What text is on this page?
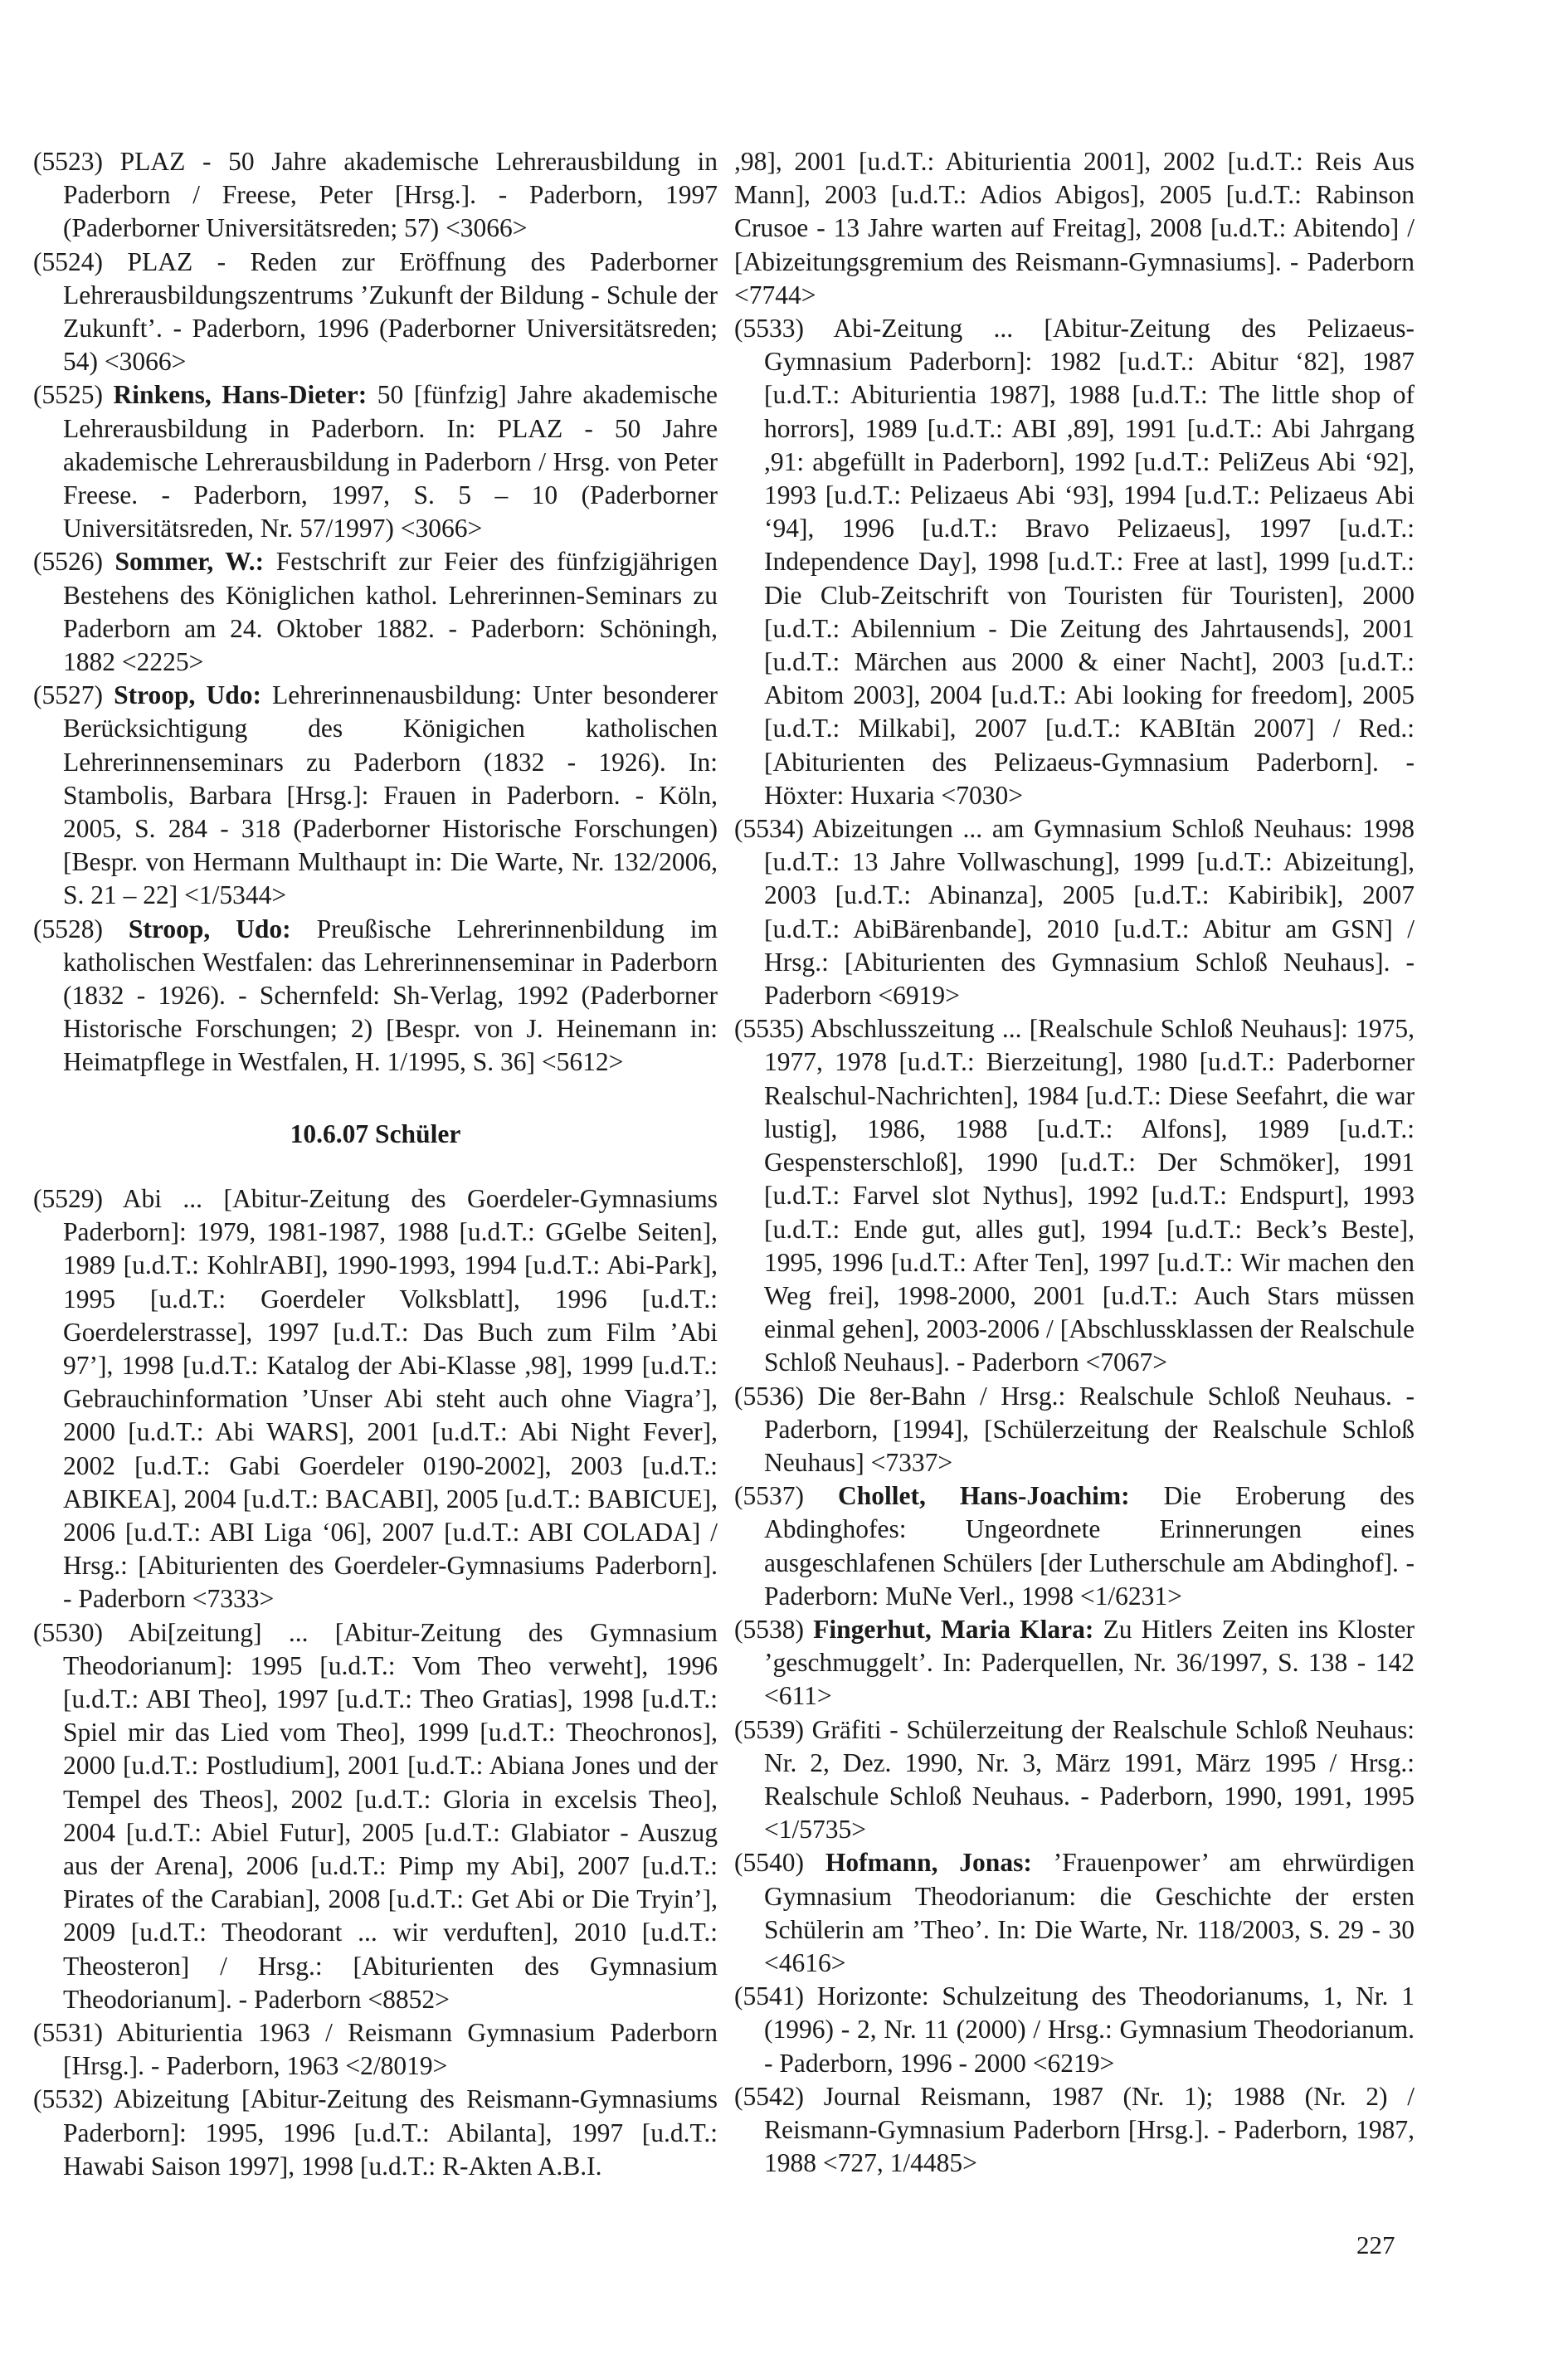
(5523) PLAZ - 50 Jahre akademische Lehrerausbildung in Paderborn / Freese, Peter [Hrsg.]. - Paderborn, 1997 (Paderborner Universitätsreden; 57) <3066>

(5524) PLAZ - Reden zur Eröffnung des Paderborner Lehrerausbildungszentrums ’Zukunft der Bildung - Schule der Zukunft’. - Paderborn, 1996 (Paderborner Universitätsreden; 54) <3066>

(5525) Rinkens, Hans-Dieter: 50 [fünfzig] Jahre akademische Lehrerausbildung in Paderborn. In: PLAZ - 50 Jahre akademische Lehrerausbildung in Paderborn / Hrsg. von Peter Freese. - Paderborn, 1997, S. 5 – 10 (Paderborner Universitätsreden, Nr. 57/1997) <3066>

(5526) Sommer, W.: Festschrift zur Feier des fünfzigjährigen Bestehens des Königlichen kathol. Lehrerinnen-Seminars zu Paderborn am 24. Oktober 1882. - Paderborn: Schöningh, 1882 <2225>

(5527) Stroop, Udo: Lehrerinnenausbildung: Unter besonderer Berücksichtigung des Königichen katholischen Lehrerinnenseminars zu Paderborn (1832 - 1926). In: Stambolis, Barbara [Hrsg.]: Frauen in Paderborn. - Köln, 2005, S. 284 - 318 (Paderborner Historische Forschungen) [Bespr. von Hermann Multhaupt in: Die Warte, Nr. 132/2006, S. 21 – 22] <1/5344>

(5528) Stroop, Udo: Preußische Lehrerinnenbildung im katholischen Westfalen: das Lehrerinnenseminar in Paderborn (1832 - 1926). - Schernfeld: Sh-Verlag, 1992 (Paderborner Historische Forschungen; 2) [Bespr. von J. Heinemann in: Heimatpflege in Westfalen, H. 1/1995, S. 36] <5612>

10.6.07 Schüler

(5529) Abi ... [Abitur-Zeitung des Goerdeler-Gymnasiums Paderborn]: 1979, 1981-1987, 1988 [u.d.T.: GGelbe Seiten], 1989 [u.d.T.: KohlrABI], 1990-1993, 1994 [u.d.T.: Abi-Park], 1995 [u.d.T.: Goerdeler Volksblatt], 1996 [u.d.T.: Goerdelerstrasse], 1997 [u.d.T.: Das Buch zum Film ’Abi 97’], 1998 [u.d.T.: Katalog der Abi-Klasse ,98], 1999 [u.d.T.: Gebrauchinformation ’Unser Abi steht auch ohne Viagra’], 2000 [u.d.T.: Abi WARS], 2001 [u.d.T.: Abi Night Fever], 2002 [u.d.T.: Gabi Goerdeler 0190-2002], 2003 [u.d.T.: ABIKEA], 2004 [u.d.T.: BACABI], 2005 [u.d.T.: BABICUE], 2006 [u.d.T.: ABI Liga ‘06], 2007 [u.d.T.: ABI COLADA] / Hrsg.: [Abiturienten des Goerdeler-Gymnasiums Paderborn]. - Paderborn <7333>

(5530) Abi[zeitung] ... [Abitur-Zeitung des Gymnasium Theodorianum]: 1995 [u.d.T.: Vom Theo verweht], 1996 [u.d.T.: ABI Theo], 1997 [u.d.T.: Theo Gratias], 1998 [u.d.T.: Spiel mir das Lied vom Theo], 1999 [u.d.T.: Theochronos], 2000 [u.d.T.: Postludium], 2001 [u.d.T.: Abiana Jones und der Tempel des Theos], 2002 [u.d.T.: Gloria in excelsis Theo], 2004 [u.d.T.: Abiel Futur], 2005 [u.d.T.: Glabiator - Auszug aus der Arena], 2006 [u.d.T.: Pimp my Abi], 2007 [u.d.T.: Pirates of the Carabian], 2008 [u.d.T.: Get Abi or Die Tryin’], 2009 [u.d.T.: Theodorant ... wir verduften], 2010 [u.d.T.: Theosteron] / Hrsg.: [Abiturienten des Gymnasium Theodorianum]. - Paderborn <8852>

(5531) Abiturientia 1963 / Reismann Gymnasium Paderborn [Hrsg.]. - Paderborn, 1963 <2/8019>

(5532) Abizeitung [Abitur-Zeitung des Reismann-Gymnasiums Paderborn]: 1995, 1996 [u.d.T.: Abilanta], 1997 [u.d.T.: Hawabi Saison 1997], 1998 [u.d.T.: R-Akten A.B.I.

,98], 2001 [u.d.T.: Abiturientia 2001], 2002 [u.d.T.: Reis Aus Mann], 2003 [u.d.T.: Adios Abigos], 2005 [u.d.T.: Rabinson Crusoe - 13 Jahre warten auf Freitag], 2008 [u.d.T.: Abitendo] / [Abizeitungsgremium des Reismann-Gymnasiums]. - Paderborn <7744>

(5533) Abi-Zeitung ... [Abitur-Zeitung des Pelizaeus-Gymnasium Paderborn]: 1982 [u.d.T.: Abitur ‘82], 1987 [u.d.T.: Abiturientia 1987], 1988 [u.d.T.: The little shop of horrors], 1989 [u.d.T.: ABI ,89], 1991 [u.d.T.: Abi Jahrgang ,91: abgefüllt in Paderborn], 1992 [u.d.T.: PeliZeus Abi ‘92], 1993 [u.d.T.: Pelizaeus Abi ‘93], 1994 [u.d.T.: Pelizaeus Abi ‘94], 1996 [u.d.T.: Bravo Pelizaeus], 1997 [u.d.T.: Independence Day], 1998 [u.d.T.: Free at last], 1999 [u.d.T.: Die Club-Zeitschrift von Touristen für Touristen], 2000 [u.d.T.: Abilennium - Die Zeitung des Jahrtausends], 2001 [u.d.T.: Märchen aus 2000 & einer Nacht], 2003 [u.d.T.: Abitom 2003], 2004 [u.d.T.: Abi looking for freedom], 2005 [u.d.T.: Milkabi], 2007 [u.d.T.: KABItän 2007] / Red.: [Abiturienten des Pelizaeus-Gymnasium Paderborn]. - Höxter: Huxaria <7030>

(5534) Abizeitungen ... am Gymnasium Schloß Neuhaus: 1998 [u.d.T.: 13 Jahre Vollwaschung], 1999 [u.d.T.: Abizeitung], 2003 [u.d.T.: Abinanza], 2005 [u.d.T.: Kabiribik], 2007 [u.d.T.: AbiBärenbande], 2010 [u.d.T.: Abitur am GSN] / Hrsg.: [Abiturienten des Gymnasium Schloß Neuhaus]. - Paderborn <6919>

(5535) Abschlusszeitung ... [Realschule Schloß Neuhaus]: 1975, 1977, 1978 [u.d.T.: Bierzeitung], 1980 [u.d.T.: Paderborner Realschul-Nachrichten], 1984 [u.d.T.: Diese Seefahrt, die war lustig], 1986, 1988 [u.d.T.: Alfons], 1989 [u.d.T.: Gespensterschloß], 1990 [u.d.T.: Der Schmöker], 1991 [u.d.T.: Farvel slot Nythus], 1992 [u.d.T.: Endspurt], 1993 [u.d.T.: Ende gut, alles gut], 1994 [u.d.T.: Beck’s Beste], 1995, 1996 [u.d.T.: After Ten], 1997 [u.d.T.: Wir machen den Weg frei], 1998-2000, 2001 [u.d.T.: Auch Stars müssen einmal gehen], 2003-2006 / [Abschlussklassen der Realschule Schloß Neuhaus]. - Paderborn <7067>

(5536) Die 8er-Bahn / Hrsg.: Realschule Schloß Neuhaus. - Paderborn, [1994], [Schülerzeitung der Realschule Schloß Neuhaus] <7337>

(5537) Chollet, Hans-Joachim: Die Eroberung des Abdinghofes: Ungeordnete Erinnerungen eines ausgeschlafenen Schülers [der Lutherschule am Abdinghof]. - Paderborn: MuNe Verl., 1998 <1/6231>

(5538) Fingerhut, Maria Klara: Zu Hitlers Zeiten ins Kloster ’geschmuggelt’. In: Paderquellen, Nr. 36/1997, S. 138 - 142 <611>

(5539) Gräfiti - Schülerzeitung der Realschule Schloß Neuhaus: Nr. 2, Dez. 1990, Nr. 3, März 1991, März 1995 / Hrsg.: Realschule Schloß Neuhaus. - Paderborn, 1990, 1991, 1995 <1/5735>

(5540) Hofmann, Jonas: ’Frauenpower’ am ehrwürdigen Gymnasium Theodorianum: die Geschichte der ersten Schülerin am ’Theo’. In: Die Warte, Nr. 118/2003, S. 29 - 30 <4616>

(5541) Horizonte: Schulzeitung des Theodorianums, 1, Nr. 1 (1996) - 2, Nr. 11 (2000) / Hrsg.: Gymnasium Theodorianum. - Paderborn, 1996 - 2000 <6219>

(5542) Journal Reismann, 1987 (Nr. 1); 1988 (Nr. 2) / Reismann-Gymnasium Paderborn [Hrsg.]. - Paderborn, 1987, 1988 <727, 1/4485>

227
